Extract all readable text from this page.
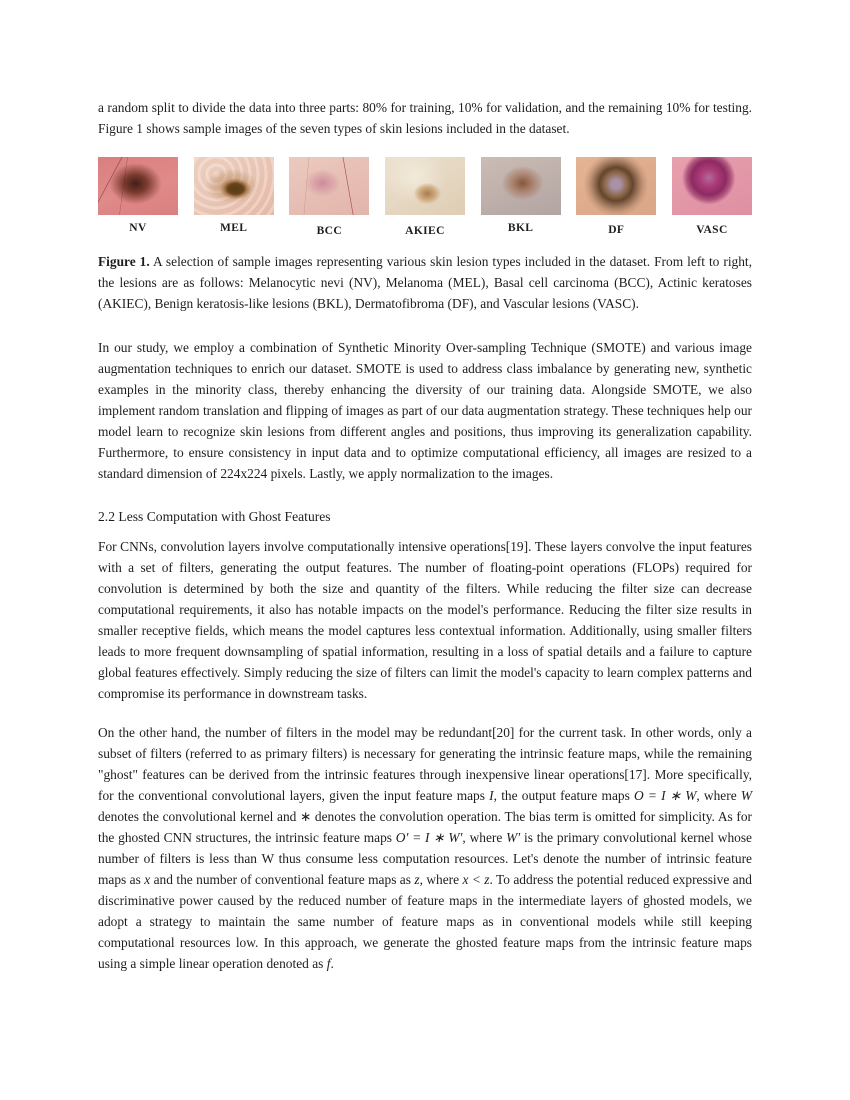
a random split to divide the data into three parts: 80% for training, 10% for validation, and the remaining 10% for testing. Figure 1 shows sample images of the seven types of skin lesions included in the dataset.

NV	MEL	BCC	AKIEC	BKL	DF	VASC

Figure 1. A selection of sample images representing various skin lesion types included in the dataset. From left to right, the lesions are as follows: Melanocytic nevi (NV), Melanoma (MEL), Basal cell carcinoma (BCC), Actinic keratoses (AKIEC), Benign keratosis-like lesions (BKL), Dermatofibroma (DF), and Vascular lesions (VASC).

In our study, we employ a combination of Synthetic Minority Over-sampling Technique (SMOTE) and various image augmentation techniques to enrich our dataset. SMOTE is used to address class imbalance by generating new, synthetic examples in the minority class, thereby enhancing the diversity of our training data. Alongside SMOTE, we also implement random translation and flipping of images as part of our data augmentation strategy. These techniques help our model learn to recognize skin lesions from different angles and positions, thus improving its generalization capability. Furthermore, to ensure consistency in input data and to optimize computational efficiency, all images are resized to a standard dimension of 224x224 pixels. Lastly, we apply normalization to the images.

2.2 Less Computation with Ghost Features

For CNNs, convolution layers involve computationally intensive operations[19]. These layers convolve the input features with a set of filters, generating the output features. The number of floating-point operations (FLOPs) required for convolution is determined by both the size and quantity of the filters. While reducing the filter size can decrease computational requirements, it also has notable impacts on the model's performance. Reducing the filter size results in smaller receptive fields, which means the model captures less contextual information. Additionally, using smaller filters leads to more frequent downsampling of spatial information, resulting in a loss of spatial details and a failure to capture global features effectively. Simply reducing the size of filters can limit the model's capacity to learn complex patterns and compromise its performance in downstream tasks.

On the other hand, the number of filters in the model may be redundant[20] for the current task. In other words, only a subset of filters (referred to as primary filters) is necessary for generating the intrinsic feature maps, while the remaining "ghost" features can be derived from the intrinsic features through inexpensive linear operations[17]. More specifically, for the conventional convolutional layers, given the input feature maps I, the output feature maps O = I ∗ W, where W denotes the convolutional kernel and ∗ denotes the convolution operation. The bias term is omitted for simplicity. As for the ghosted CNN structures, the intrinsic feature maps O′ = I ∗ W′, where W′ is the primary convolutional kernel whose number of filters is less than W thus consume less computation resources. Let's denote the number of intrinsic feature maps as x and the number of conventional feature maps as z, where x < z. To address the potential reduced expressive and discriminative power caused by the reduced number of feature maps in the intermediate layers of ghosted models, we adopt a strategy to maintain the same number of feature maps as in conventional models while still keeping computational resources low. In this approach, we generate the ghosted feature maps from the intrinsic feature maps using a simple linear operation denoted as f.
